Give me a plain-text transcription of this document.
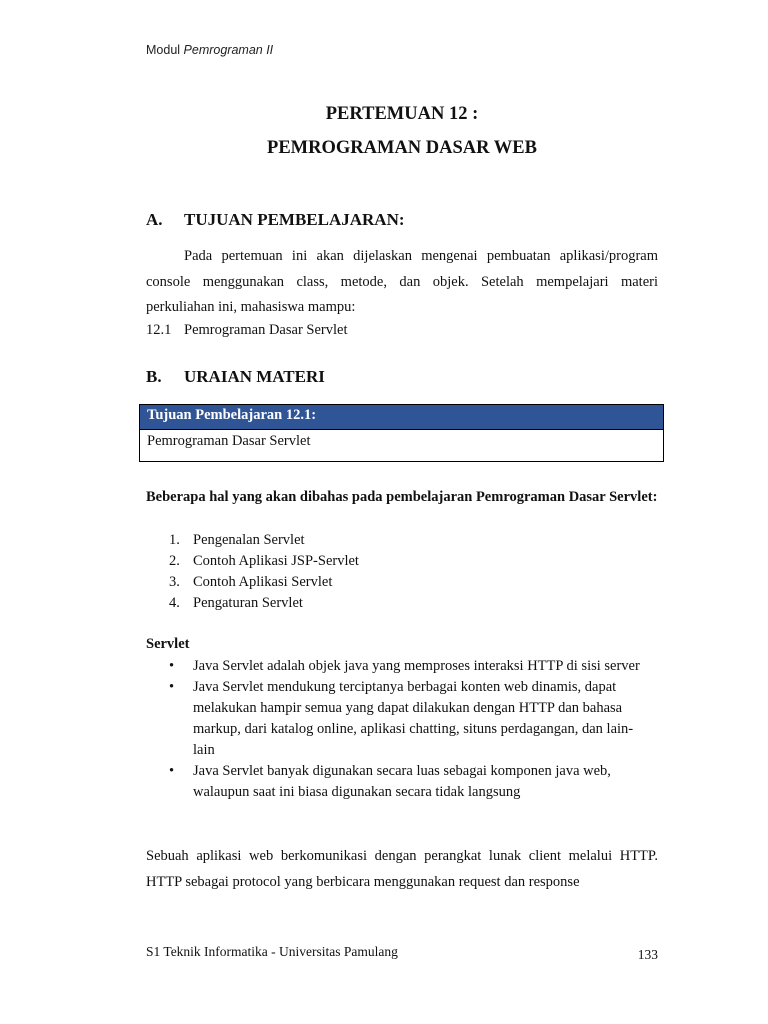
Modul Pemrograman II
PERTEMUAN 12 :
PEMROGRAMAN DASAR WEB
A. TUJUAN PEMBELAJARAN:

Pada pertemuan ini akan dijelaskan mengenai pembuatan aplikasi/program console menggunakan class, metode, dan objek. Setelah mempelajari materi perkuliahan ini, mahasiswa mampu:

12.1 Pemrograman Dasar Servlet
B. URAIAN MATERI
Tujuan Pembelajaran 12.1:
Pemrograman Dasar Servlet

Beberapa hal yang akan dibahas pada pembelajaran Pemrograman Dasar Servlet:

1. Pengenalan Servlet
2. Contoh Aplikasi JSP-Servlet
3. Contoh Aplikasi Servlet
4. Pengaturan Servlet
Servlet
• Java Servlet adalah objek java yang memproses interaksi HTTP di sisi server
• Java Servlet mendukung terciptanya berbagai konten web dinamis, dapat melakukan hampir semua yang dapat dilakukan dengan HTTP dan bahasa markup, dari katalog online, aplikasi chatting, situns perdagangan, dan lain-lain
• Java Servlet banyak digunakan secara luas sebagai komponen java web, walaupun saat ini biasa digunakan secara tidak langsung

Sebuah aplikasi web berkomunikasi dengan perangkat lunak client melalui HTTP. HTTP sebagai protocol yang berbicara menggunakan request dan response

S1 Teknik Informatika - Universitas Pamulang	133
